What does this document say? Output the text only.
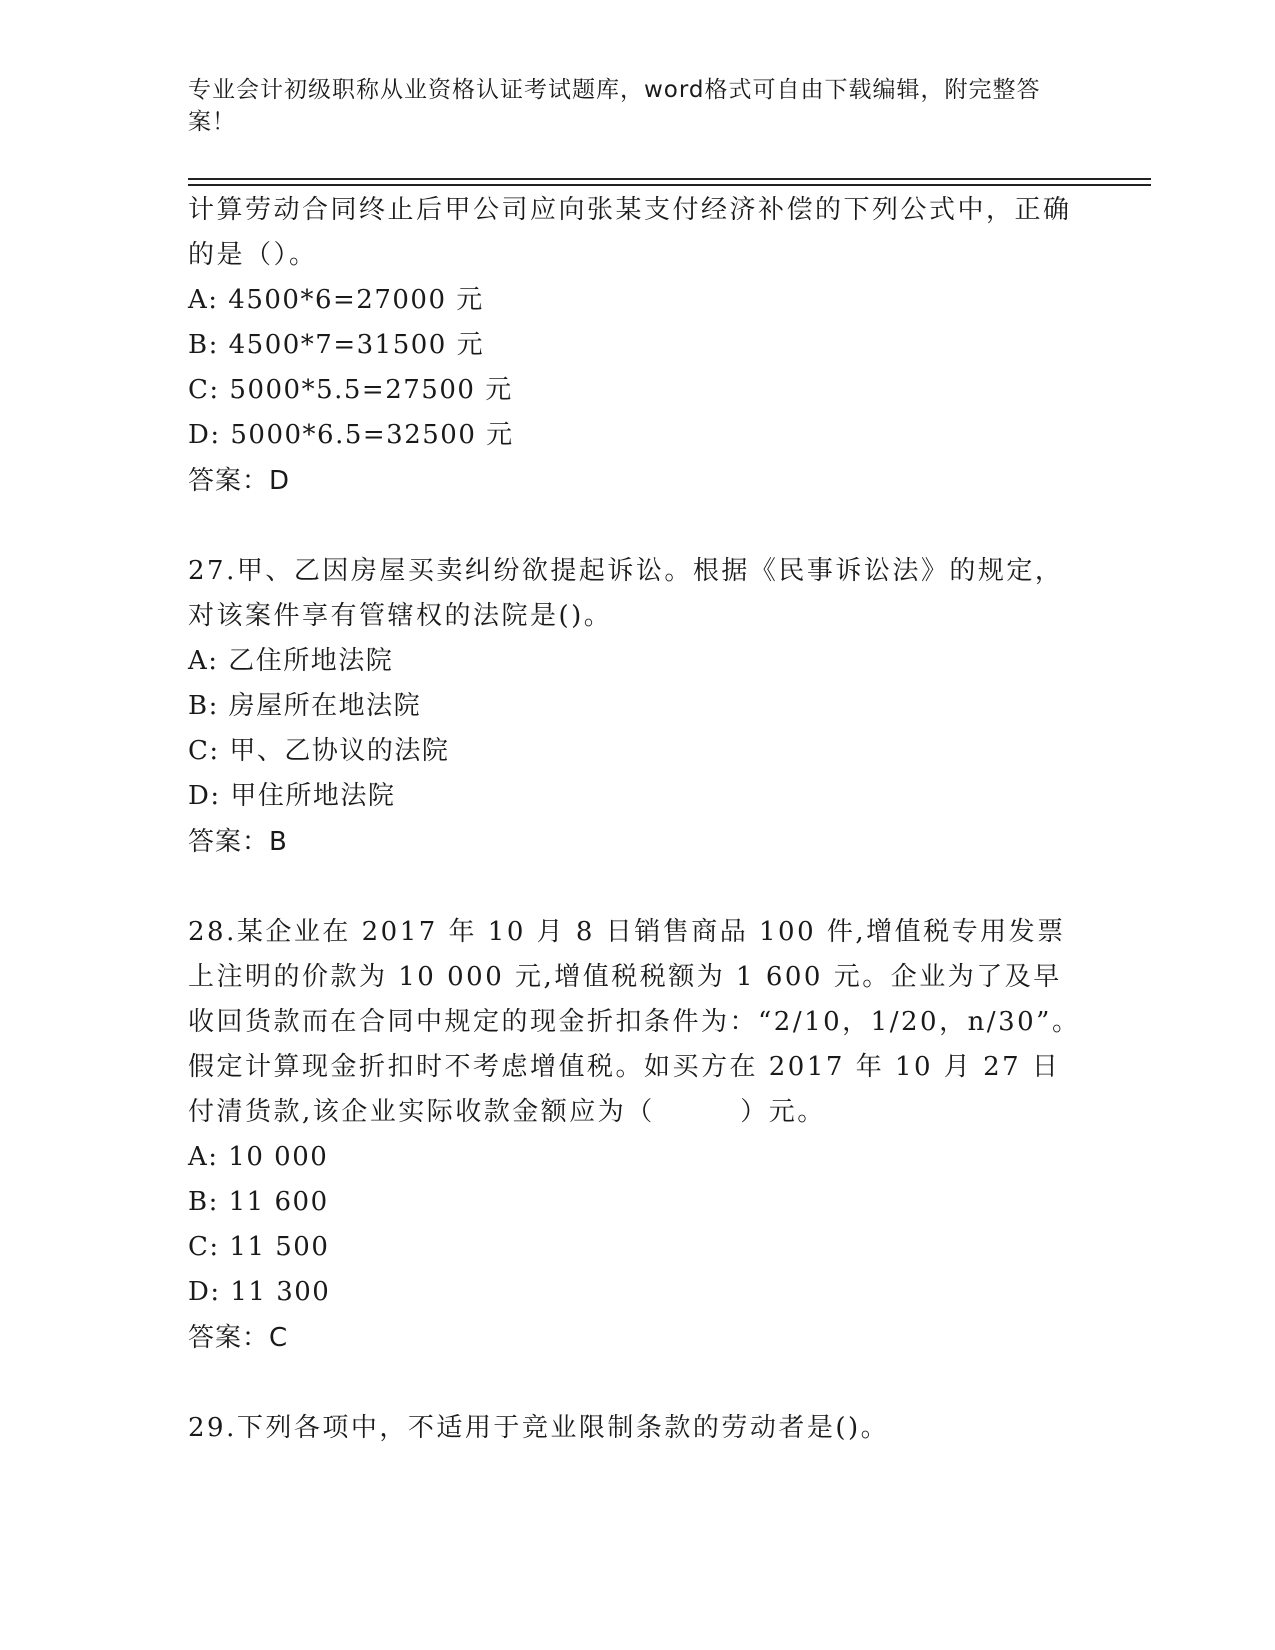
专业会计初级职称从业资格认证考试题库，word格式可自由下载编辑，附完整答案！

计算劳动合同终止后甲公司应向张某支付经济补偿的下列公式中，正确的是（）。

A: 4500*6=27000 元

B: 4500*7=31500 元

C: 5000*5.5=27500 元

D: 5000*6.5=32500 元

答案：D

27.甲、乙因房屋买卖纠纷欲提起诉讼。根据《民事诉讼法》的规定，对该案件享有管辖权的法院是()。

A: 乙住所地法院

B: 房屋所在地法院

C: 甲、乙协议的法院

D: 甲住所地法院

答案：B

28.某企业在 2017 年 10 月 8 日销售商品 100 件,增值税专用发票上注明的价款为 10 000 元,增值税税额为 1 600 元。企业为了及早收回货款而在合同中规定的现金折扣条件为：“2/10，1/20，n/30”。假定计算现金折扣时不考虑增值税。如买方在 2017 年 10 月 27 日付清货款,该企业实际收款金额应为（　　　）元。

A: 10 000

B: 11 600

C: 11 500

D: 11 300

答案：C

29.下列各项中，不适用于竞业限制条款的劳动者是()。
